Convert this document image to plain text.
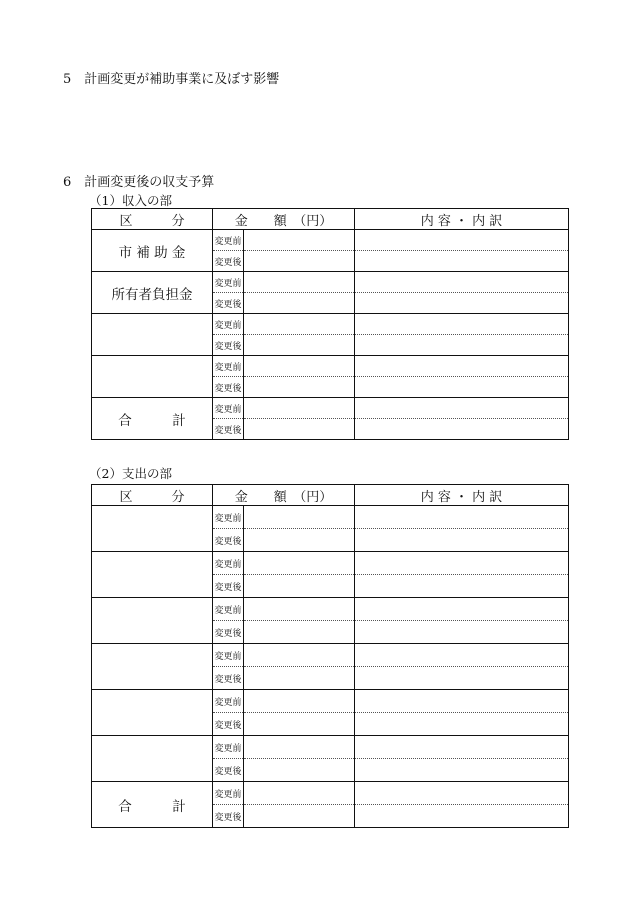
5　 計画変更が補助事業に及ぼす影響
6　 計画変更後の収支予算
（1）収入の部
区　　　分	金　　額　（円）		内 容 ・ 内 訳
市 補 助 金	変更前		
	変更後		
所有者負担金	変更前		
	変更後		
	変更前		
	変更後		
	変更前		
	変更後		
合　　　計	変更前		
	変更後		
（2）支出の部
区　　　分	金　　額　（円）		内 容 ・ 内 訳
	変更前		
	変更後		
	変更前		
	変更後		
	変更前		
	変更後		
	変更前		
	変更後		
	変更前		
	変更後		
	変更前		
	変更後		
合　　　計	変更前		
	変更後		
